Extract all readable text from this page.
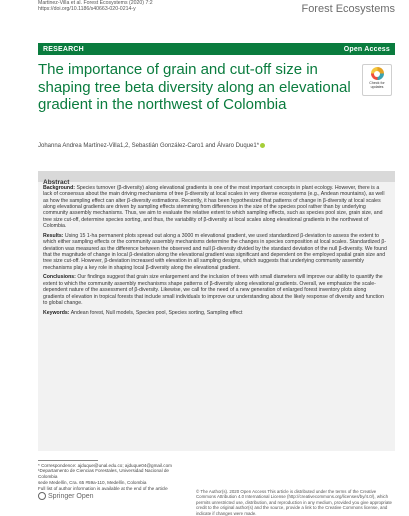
Martinez-Villa et al. Forest Ecosystems (2020) 7:2
https://doi.org/10.1186/s40663-020-0214-y	Forest Ecosystems
RESEARCH	Open Access
The importance of grain and cut-off size in shaping tree beta diversity along an elevational gradient in the northwest of Colombia
Check for updates
Johanna Andrea Martínez-Villa1,2, Sebastián González-Caro1 and Álvaro Duque1*
Abstract

Background: Species turnover (β-diversity) along elevational gradients is one of the most important concepts in plant ecology. However, there is a lack of consensus about the main driving mechanisms of tree β-diversity at local scales in very diverse ecosystems (e.g., Andean mountains), as well as how the sampling effect can alter β-diversity estimations. Recently, it has been hypothesized that patterns of change in β-diversity at local scales along elevational gradients are driven by sampling effects stemming from differences in the size of the species pool rather than by underlying community assembly mechanisms. Thus, we aim to evaluate the relative extent to which sampling effects, such as species pool size, grain size, and tree size cut-off, determine species sorting, and thus, the variability of β-diversity at local scales along elevational gradients in the northwest of Colombia.

Results: Using 15 1-ha permanent plots spread out along a 3000 m elevational gradient, we used standardized β-deviation to assess the extent to which either sampling effects or the community assembly mechanisms determine the changes in species composition at local scales. Standardized β-deviation was measured as the difference between the observed and null β-diversity divided by the standard deviation of the null β-diversity. We found that the magnitude of change in local β-deviation along the elevational gradient was significant and dependent on the employed spatial grain size and tree size cut-off. However, β-deviation increased with elevation in all sampling designs, which suggests that underlying community assembly mechanisms play a key role in shaping local β-diversity along the elevational gradient.

Conclusions: Our findings suggest that grain size enlargement and the inclusion of trees with small diameters will improve our ability to quantify the extent to which the community assembly mechanisms shape patterns of β-diversity along elevational gradients. Overall, we emphasize the scale-dependent nature of the assessment of β-diversity. Likewise, we call for the need of a new generation of enlarged forest inventory plots along gradients of elevation in tropical forests that include small individuals to improve our understanding about the likely response of diversity and function to global change.

Keywords: Andean forest, Null models, Species pool, Species sorting, Sampling effect

* Correspondence: ajduque@unal.edu.co; ajduque04@gmail.com
¹Departamento de Ciencias Forestales, Universidad Nacional de Colombia
sede Medellín, Cra. 65 #59a-110, Medellín, Colombia
Full list of author information is available at the end of the article
Springer Open
© The Author(s). 2020 Open Access This article is distributed under the terms of the Creative Commons Attribution 4.0 International License (http://creativecommons.org/licenses/by/4.0/), which permits unrestricted use, distribution, and reproduction in any medium, provided you give appropriate credit to the original author(s) and the source, provide a link to the Creative Commons license, and indicate if changes were made.
